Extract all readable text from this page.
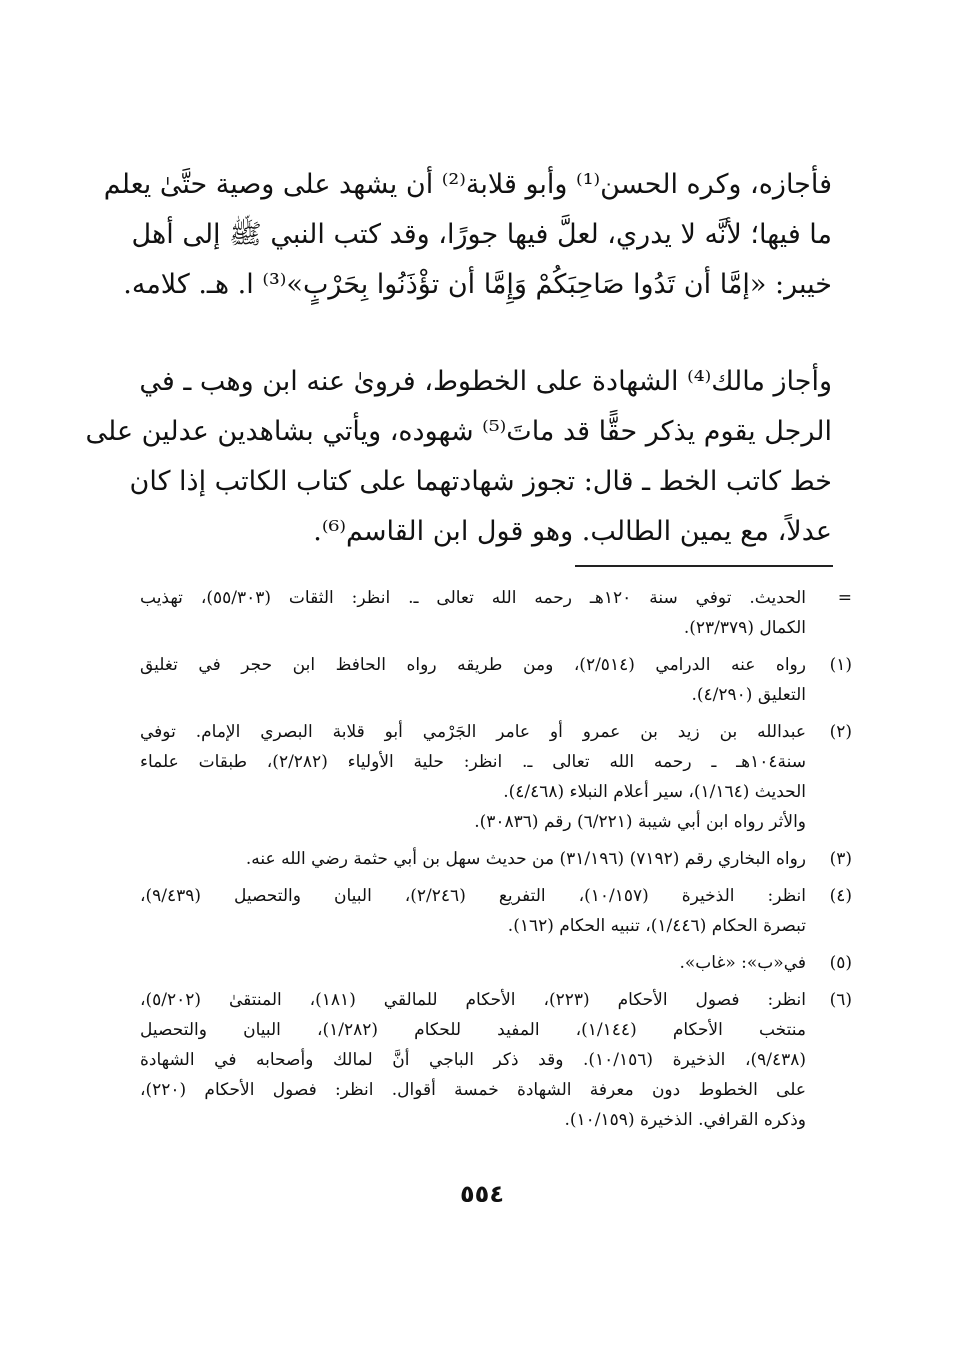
فأجازه، وكره الحسن⁽¹⁾ وأبو قلابة⁽²⁾ أن يشهد على وصية حتَّىٰ يعلم
ما فيها؛ لأنَّه لا يدري، لعلَّ فيها جورًا، وقد كتب النبي ﷺ إلى أهل
خيبر: «إمَّا أن تَدُوا صَاحِبَكُمْ وَإِمَّا أن تؤْذَنُوا بِحَرْبٍ»⁽³⁾ ا. هـ. كلامه.

وأجاز مالك⁽⁴⁾ الشهادة على الخطوط، فروىٰ عنه ابن وهب ـ في
الرجل يقوم يذكر حقًّا قد ماتَ⁽⁵⁾ شهوده، ويأتي بشاهدين عدلين على
خط كاتب الخط ـ قال: تجوز شهادتهما على كتاب الكاتب إذا كان
عدلاً، مع يمين الطالب. وهو قول ابن القاسم⁽⁶⁾.

=
الحديث. توفي سنة ١٢٠هـ رحمه الله تعالى ـ. انظر: الثقات (٥٥/٣٠٣)، تهذيب
الكمال (٢٣/٣٧٩).
(١)
رواه عنه الدرامي (٢/٥١٤)، ومن طريقه رواه الحافظ ابن حجر في تغليق
التعليق (٤/٢٩٠).
(٢)
عبدالله بن زيد بن عمرو أو عامر الجَرْمي أبو قلابة البصري الإمام. توفي
سنة١٠٤هـ ـ رحمه الله تعالى ـ. انظر: حلية الأولياء (٢/٢٨٢)، طبقات علماء
الحديث (١/١٦٤)، سير أعلام النبلاء (٤/٤٦٨).
والأثر رواه ابن أبي شيبة (٦/٢٢١) رقم (٣٠٨٣٦).
(٣)
رواه البخاري رقم (٧١٩٢) (٣١/١٩٦) من حديث سهل بن أبي حثمة رضي الله عنه.
(٤)
انظر: الذخيرة (١٠/١٥٧)، التفريع (٢/٢٤٦)، البيان والتحصيل (٩/٤٣٩)،
تبصرة الحكام (١/٤٤٦)، تنبيه الحكام (١٦٢).
(٥)
في«ب»: «غاب».
(٦)
انظر: فصول الأحكام (٢٢٣)، الأحكام للمالقي (١٨١)، المنتقىٰ (٥/٢٠٢)،
منتخب الأحكام (١/١٤٤)، المفيد للحكام (١/٢٨٢)، البيان والتحصيل
(٩/٤٣٨)، الذخيرة (١٠/١٥٦). وقد ذكر الباجي أنَّ لمالك وأصحابه في الشهادة
على الخطوط دون معرفة الشهادة خمسة أقوال. انظر: فصول الأحكام (٢٢٠)،
وذكره القرافي. الذخيرة (١٠/١٥٩).
٥٥٤
